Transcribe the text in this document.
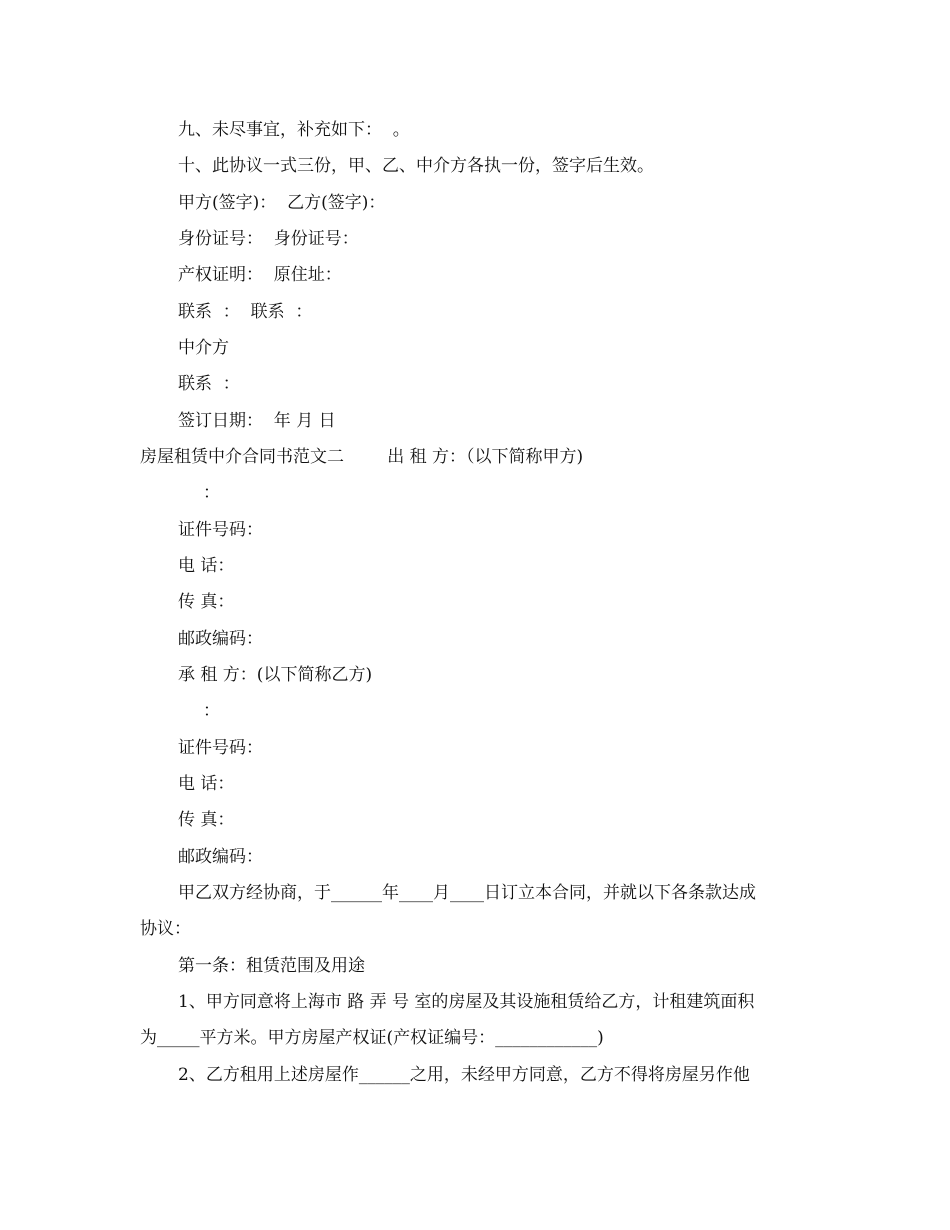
九、未尽事宜，补充如下：  。
十、此协议一式三份，甲、乙、中介方各执一份，签字后生效。
甲方(签字)：  乙方(签字)：
身份证号：  身份证号：
产权证明：  原住址：
联系  ：  联系  ：
中介方
联系  ：
签订日期：  年 月 日
房屋租赁中介合同书范文二        出 租 方：（以下简称甲方)
：
证件号码：
电 话：
传 真：
邮政编码：
承 租 方：(以下简称乙方)
：
证件号码：
电 话：
传 真：
邮政编码：
甲乙双方经协商，于______年____月____日订立本合同，并就以下各条款达成
协议：
第一条：租赁范围及用途
1、甲方同意将上海市 路 弄 号 室的房屋及其设施租赁给乙方，计租建筑面积
为_____平方米。甲方房屋产权证(产权证编号：____________)
2、乙方租用上述房屋作______之用，未经甲方同意，乙方不得将房屋另作他
